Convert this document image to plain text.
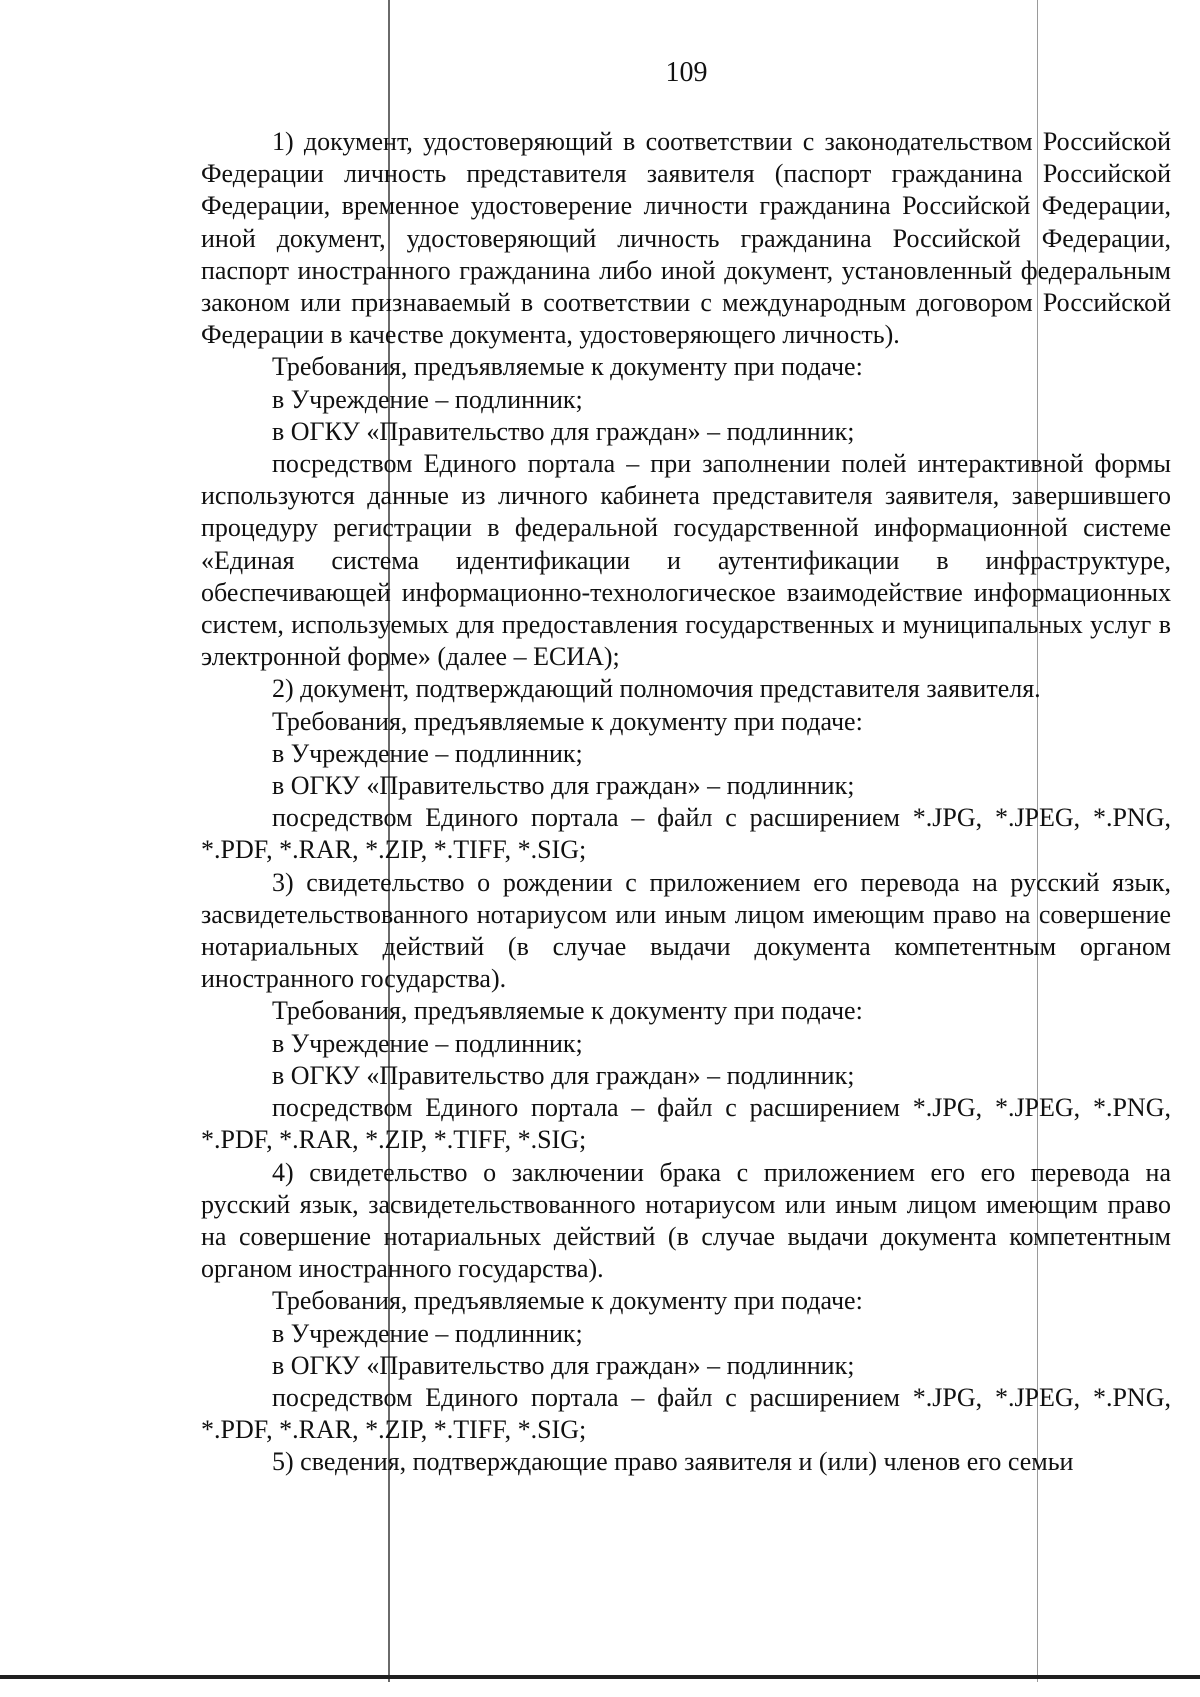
109

1) документ, удостоверяющий в соответствии с законодательством Российской Федерации личность представителя заявителя (паспорт гражданина Российской Федерации, временное удостоверение личности гражданина Российской Федерации, иной документ, удостоверяющий личность гражданина Российской Федерации, паспорт иностранного гражданина либо иной документ, установленный федеральным законом или признаваемый в соответствии с международным договором Российской Федерации в качестве документа, удостоверяющего личность).

Требования, предъявляемые к документу при подаче:

в Учреждение – подлинник;

в ОГКУ «Правительство для граждан» – подлинник;

посредством Единого портала – при заполнении полей интерактивной формы используются данные из личного кабинета представителя заявителя, завершившего процедуру регистрации в федеральной государственной информационной системе «Единая система идентификации и аутентификации в инфраструктуре, обеспечивающей информационно-технологическое взаимодействие информационных систем, используемых для предоставления государственных и муниципальных услуг в электронной форме» (далее – ЕСИА);

2) документ, подтверждающий полномочия представителя заявителя.

Требования, предъявляемые к документу при подаче:

в Учреждение – подлинник;

в ОГКУ «Правительство для граждан» – подлинник;

посредством Единого портала – файл с расширением *.JPG, *.JPEG, *.PNG, *.PDF, *.RAR, *.ZIP, *.TIFF, *.SIG;

3) свидетельство о рождении с приложением его перевода на русский язык, засвидетельствованного нотариусом или иным лицом имеющим право на совершение нотариальных действий (в случае выдачи документа компетентным органом иностранного государства).

Требования, предъявляемые к документу при подаче:

в Учреждение – подлинник;

в ОГКУ «Правительство для граждан» – подлинник;

посредством Единого портала – файл с расширением *.JPG, *.JPEG, *.PNG, *.PDF, *.RAR, *.ZIP, *.TIFF, *.SIG;

4) свидетельство о заключении брака с приложением его его перевода на русский язык, засвидетельствованного нотариусом или иным лицом имеющим право на совершение нотариальных действий (в случае выдачи документа компетентным органом иностранного государства).

Требования, предъявляемые к документу при подаче:

в Учреждение – подлинник;

в ОГКУ «Правительство для граждан» – подлинник;

посредством Единого портала – файл с расширением *.JPG, *.JPEG, *.PNG, *.PDF, *.RAR, *.ZIP, *.TIFF, *.SIG;

5) сведения, подтверждающие право заявителя и (или) членов его семьи
